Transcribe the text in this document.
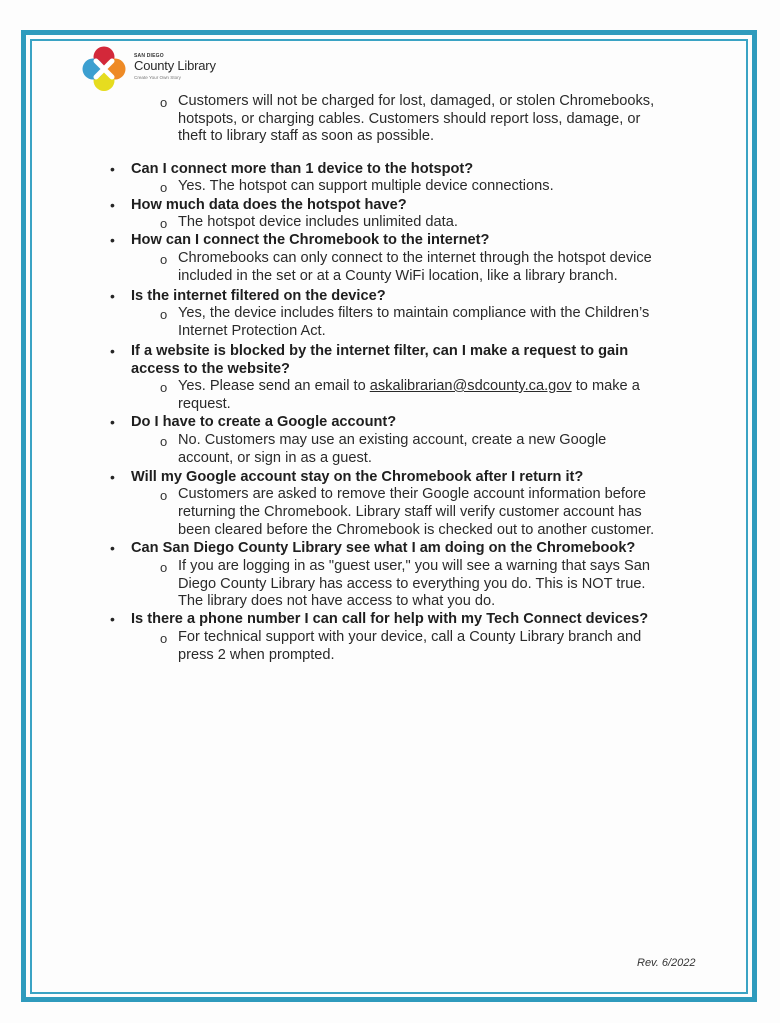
SAN DIEGO
County Library
Create Your Own Story
o Customers will not be charged for lost, damaged, or stolen Chromebooks,
hotspots, or charging cables. Customers should report loss, damage, or
theft to library staff as soon as possible.
• Can I connect more than 1 device to the hotspot?
o Yes. The hotspot can support multiple device connections.
• How much data does the hotspot have?
o The hotspot device includes unlimited data.
• How can I connect the Chromebook to the internet?
o Chromebooks can only connect to the internet through the hotspot device
included in the set or at a County WiFi location, like a library branch.
• Is the internet filtered on the device?
o Yes, the device includes filters to maintain compliance with the Children’s
Internet Protection Act.
• If a website is blocked by the internet filter, can I make a request to gain
access to the website?
o Yes. Please send an email to askalibrarian@sdcounty.ca.gov to make a
request.
• Do I have to create a Google account?
o No. Customers may use an existing account, create a new Google
account, or sign in as a guest.
• Will my Google account stay on the Chromebook after I return it?
o Customers are asked to remove their Google account information before
returning the Chromebook. Library staff will verify customer account has
been cleared before the Chromebook is checked out to another customer.
• Can San Diego County Library see what I am doing on the Chromebook?
o If you are logging in as "guest user," you will see a warning that says San
Diego County Library has access to everything you do. This is NOT true.
The library does not have access to what you do.
• Is there a phone number I can call for help with my Tech Connect devices?
o For technical support with your device, call a County Library branch and
press 2 when prompted.
Rev. 6/2022
